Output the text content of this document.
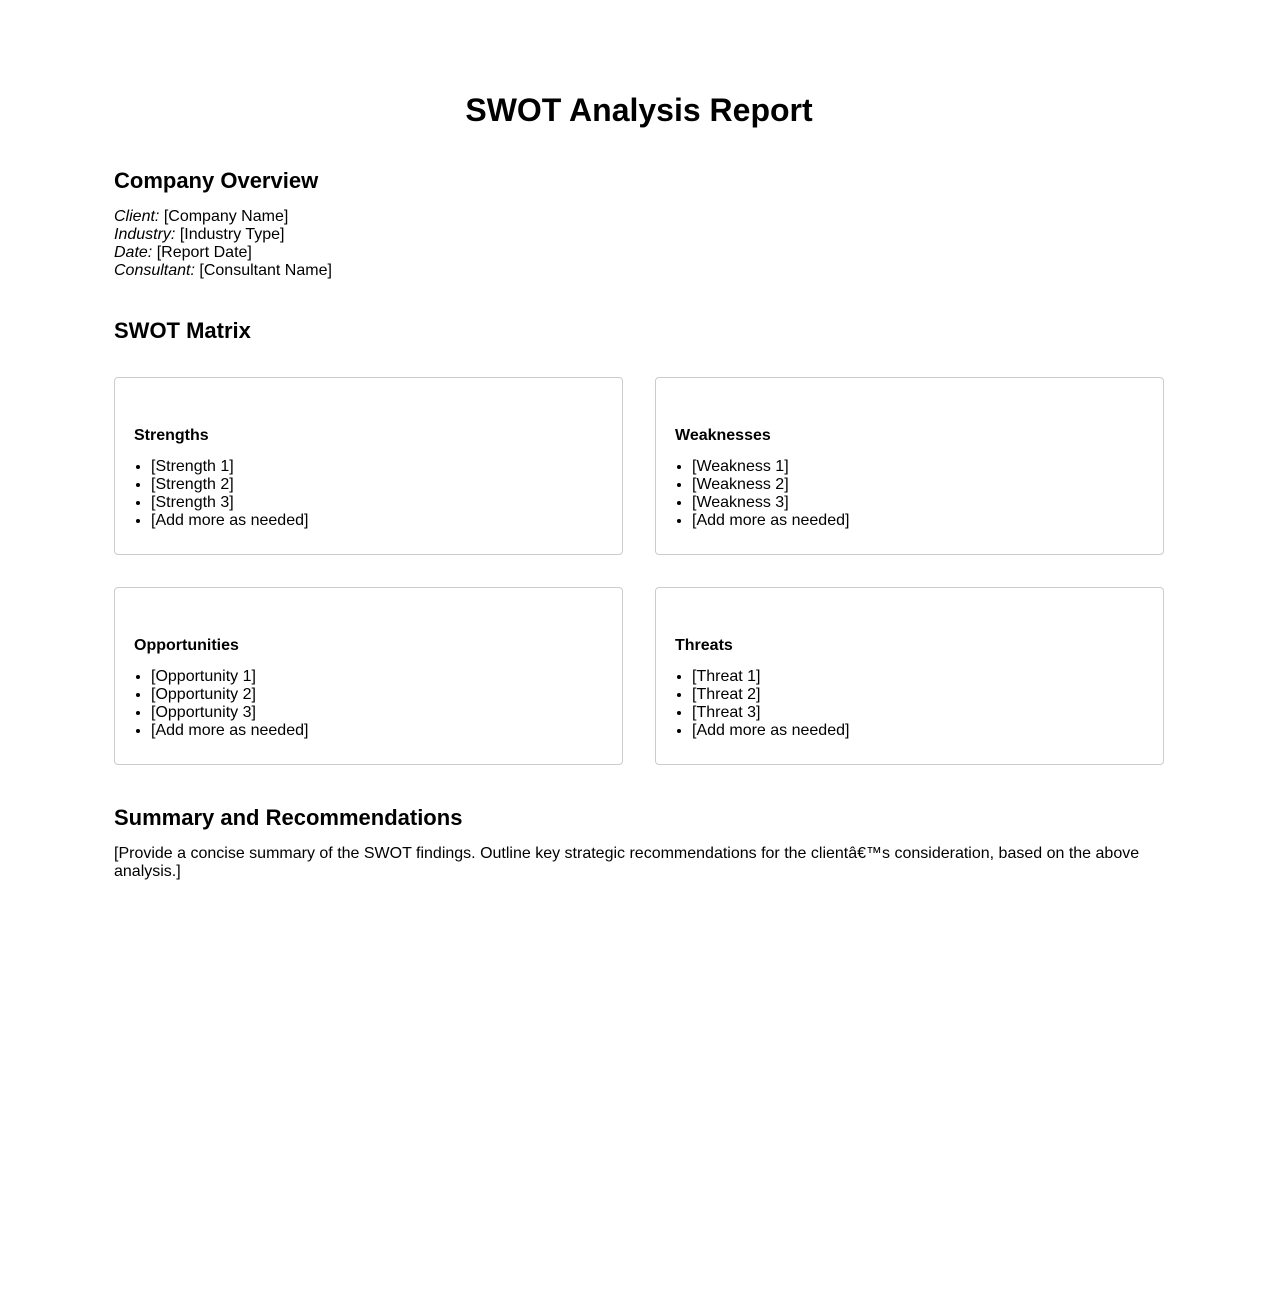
SWOT Analysis Report
Company Overview
Client: [Company Name]
Industry: [Industry Type]
Date: [Report Date]
Consultant: [Consultant Name]
SWOT Matrix
Strengths
• [Strength 1]
• [Strength 2]
• [Strength 3]
• [Add more as needed]
Weaknesses
• [Weakness 1]
• [Weakness 2]
• [Weakness 3]
• [Add more as needed]
Opportunities
• [Opportunity 1]
• [Opportunity 2]
• [Opportunity 3]
• [Add more as needed]
Threats
• [Threat 1]
• [Threat 2]
• [Threat 3]
• [Add more as needed]
Summary and Recommendations

[Provide a concise summary of the SWOT findings. Outline key strategic recommendations for the clientâ€™s consideration, based on the above analysis.]
